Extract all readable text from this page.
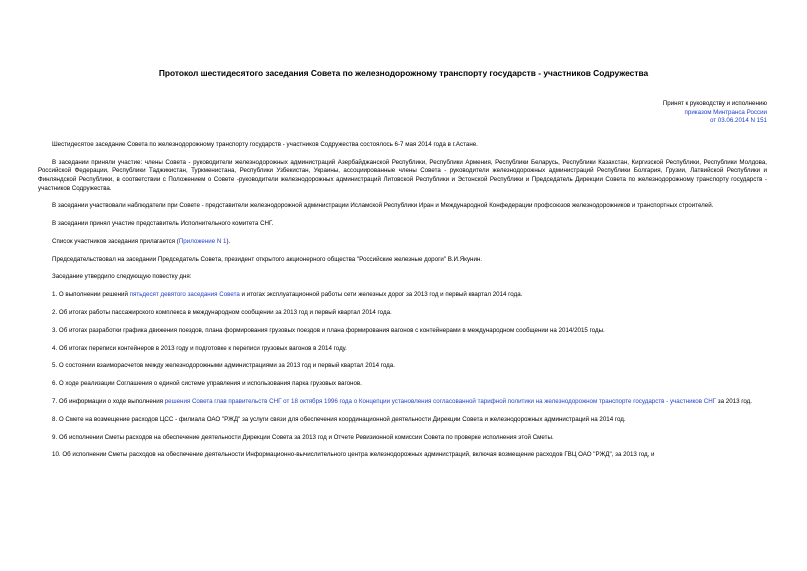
Протокол шестидесятого заседания Совета по железнодорожному транспорту государств - участников Содружества
Принят к руководству и исполнению
приказом Минтранса России
от 03.06.2014 N 151

Шестидесятое заседание Совета по железнодорожному транспорту государств - участников Содружества состоялось 6-7 мая 2014 года в г.Астане.

В заседании приняли участие: члены Совета - руководители железнодорожных администраций Азербайджанской Республики, Республики Армения, Республики Беларусь, Республики Казахстан, Киргизской Республики, Республики Молдова, Российской Федерации, Республики Таджикистан, Туркменистана, Республики Узбекистан, Украины, ассоциированные члены Совета - руководители железнодорожных администраций Республики Болгария, Грузии, Латвийской Республики и Финляндской Республики, в соответствии с Положением о Совете -руководители железнодорожных администраций Литовской Республики и Эстонской Республики и Председатель Дирекции Совета по железнодорожному транспорту государств - участников Содружества.

В заседании участвовали наблюдатели при Совете - представители железнодорожной администрации Исламской Республики Иран и Международной Конфедерации профсоюзов железнодорожников и транспортных строителей.

В заседании принял участие представитель Исполнительного комитета СНГ.

Список участников заседания прилагается (Приложение N 1).

Председательствовал на заседании Председатель Совета, президент открытого акционерного общества "Российские железные дороги" В.И.Якунин.

Заседание утвердило следующую повестку дня:

1. О выполнении решений пятьдесят девятого заседания Совета и итогах эксплуатационной работы сети железных дорог за 2013 год и первый квартал 2014 года.

2. Об итогах работы пассажирского комплекса в международном сообщении за 2013 год и первый квартал 2014 года.

3. Об итогах разработки графика движения поездов, плана формирования грузовых поездов и плана формирования вагонов с контейнерами в международном сообщении на 2014/2015 годы.

4. Об итогах переписи контейнеров в 2013 году и подготовке к переписи грузовых вагонов в 2014 году.

5. О состоянии взаиморасчетов между железнодорожными администрациями за 2013 год и первый квартал 2014 года.

6. О ходе реализации Соглашения о единой системе управления и использования парка грузовых вагонов.

7. Об информации о ходе выполнения решения Совета глав правительств СНГ от 18 октября 1996 года о Концепции установления согласованной тарифной политики на железнодорожном транспорте государств - участников СНГ за 2013 год.

8. О Смете на возмещение расходов ЦСС - филиала ОАО "РЖД" за услуги связи для обеспечения координационной деятельности Дирекции Совета и железнодорожных администраций на 2014 год.

9. Об исполнении Сметы расходов на обеспечение деятельности Дирекции Совета за 2013 год и Отчете Ревизионной комиссии Совета по проверке исполнения этой Сметы.

10. Об исполнении Сметы расходов на обеспечение деятельности Информационно-вычислительного центра железнодорожных администраций, включая возмещение расходов ГВЦ ОАО "РЖД", за 2013 год, и
